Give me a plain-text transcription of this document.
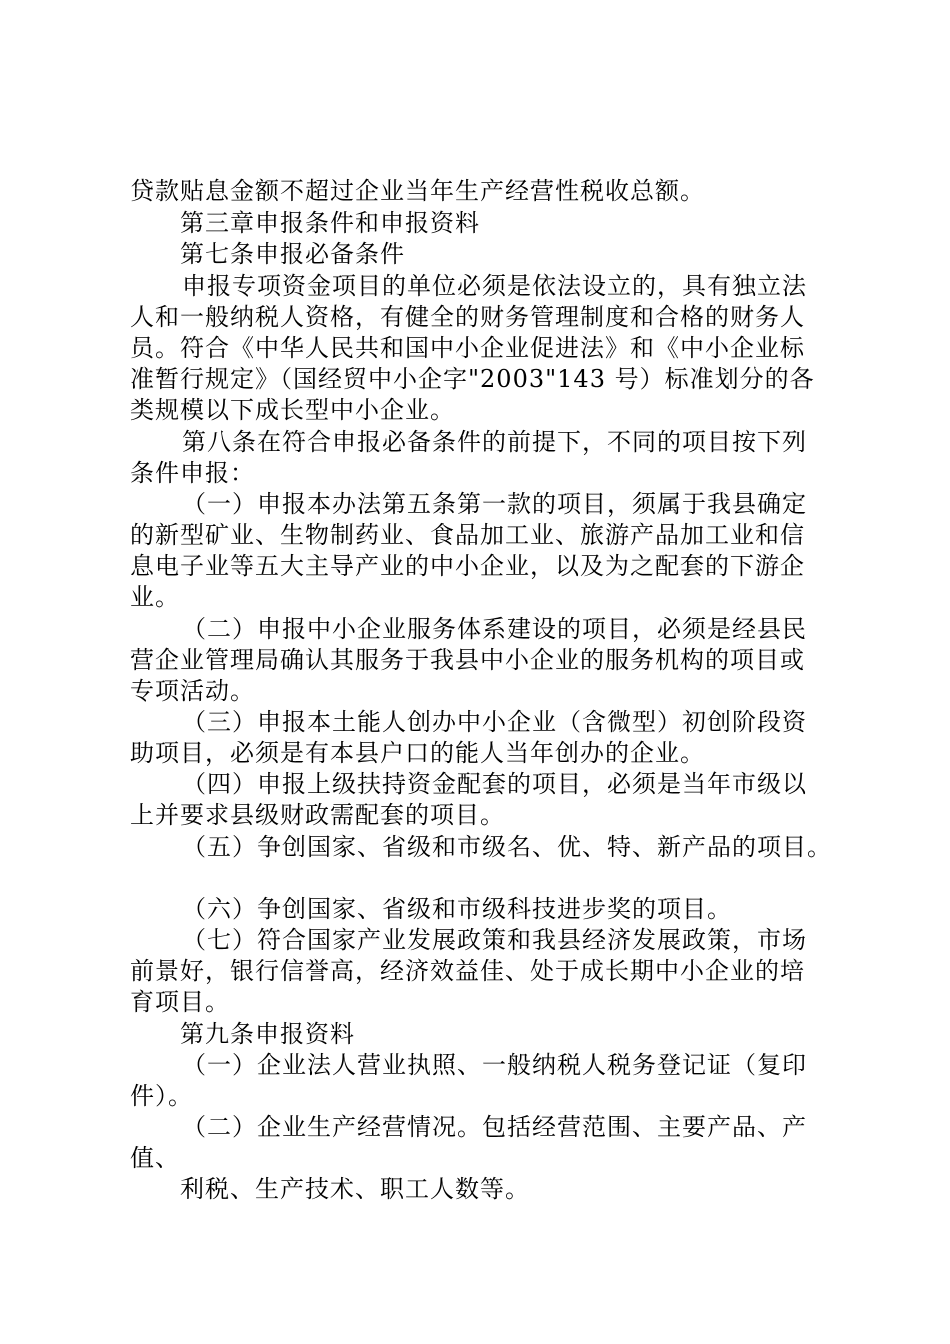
贷款贴息金额不超过企业当年生产经营性税收总额。
第三章申报条件和申报资料
第七条申报必备条件
申报专项资金项目的单位必须是依法设立的，具有独立法
人和一般纳税人资格，有健全的财务管理制度和合格的财务人
员。符合《中华人民共和国中小企业促进法》和《中小企业标
准暂行规定》（国经贸中小企字"2003"143 号）标准划分的各
类规模以下成长型中小企业。
第八条在符合申报必备条件的前提下，不同的项目按下列
条件申报：
（一）申报本办法第五条第一款的项目，须属于我县确定
的新型矿业、生物制药业、食品加工业、旅游产品加工业和信
息电子业等五大主导产业的中小企业，以及为之配套的下游企
业。
（二）申报中小企业服务体系建设的项目，必须是经县民
营企业管理局确认其服务于我县中小企业的服务机构的项目或
专项活动。
（三）申报本土能人创办中小企业（含微型）初创阶段资
助项目，必须是有本县户口的能人当年创办的企业。
（四）申报上级扶持资金配套的项目，必须是当年市级以
上并要求县级财政需配套的项目。
（五）争创国家、省级和市级名、优、特、新产品的项目。
（六）争创国家、省级和市级科技进步奖的项目。
（七）符合国家产业发展政策和我县经济发展政策，市场
前景好，银行信誉高，经济效益佳、处于成长期中小企业的培
育项目。
第九条申报资料
（一）企业法人营业执照、一般纳税人税务登记证（复印
件）。
（二）企业生产经营情况。包括经营范围、主要产品、产
值、
利税、生产技术、职工人数等。
